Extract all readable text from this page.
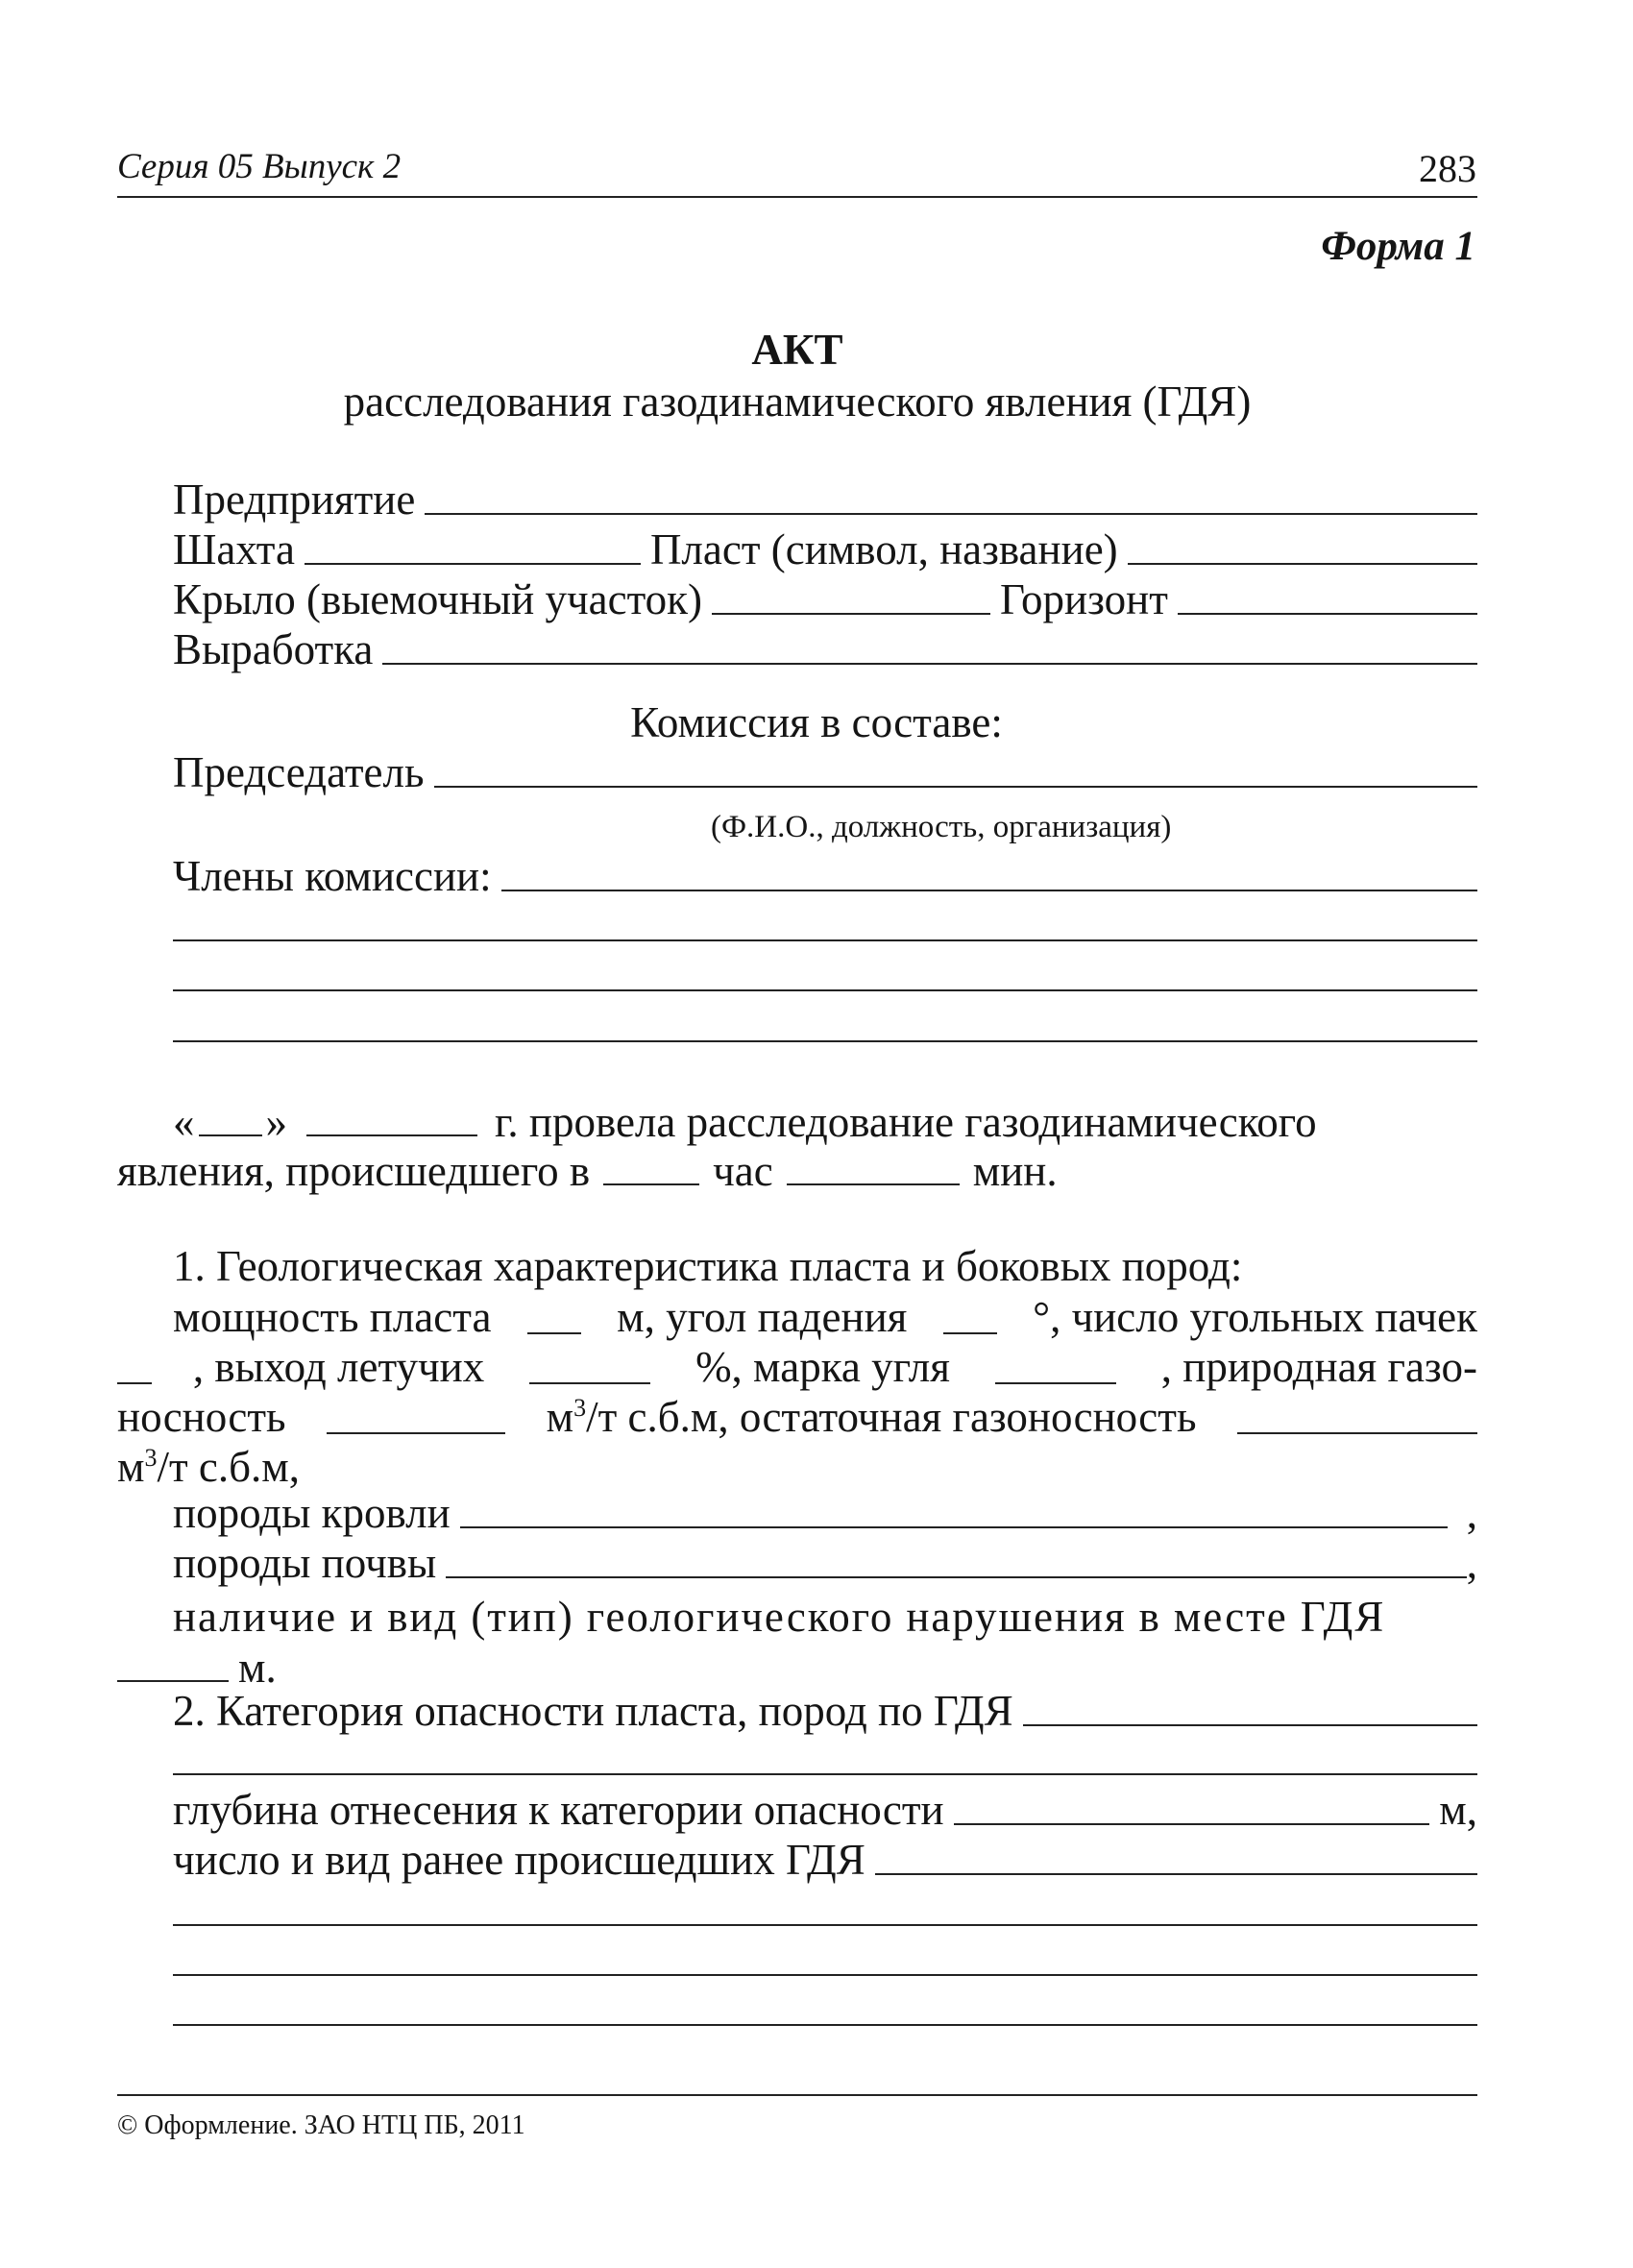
Серия 05 Выпуск 2	283
Форма 1
АКТ
расследования газодинамического явления (ГДЯ)
Предприятие
Шахта	Пласт (символ, название)
Крыло (выемочный участок)	Горизонт
Выработка
Комиссия в составе:
Председатель
(Ф.И.О., должность, организация)
Члены комиссии:
« »	г. провела расследование газодинамического
явления, происшедшего в	час	мин.
1. Геологическая характеристика пласта и боковых пород:
мощность пласта	м, угол падения	°, число угольных пачек
, выход летучих	%, марка угля	, природная газо-
носность	$м^3/т$ с.б.м, остаточная газоносность
$м^3/т$ с.б.м,
породы кровли	,
породы почвы	,
наличие и вид (тип) геологического нарушения в месте ГДЯ
м.
2. Категория опасности пласта, пород по ГДЯ
глубина отнесения к категории опасности	м,
число и вид ранее происшедших ГДЯ
© Оформление. ЗАО НТЦ ПБ, 2011
